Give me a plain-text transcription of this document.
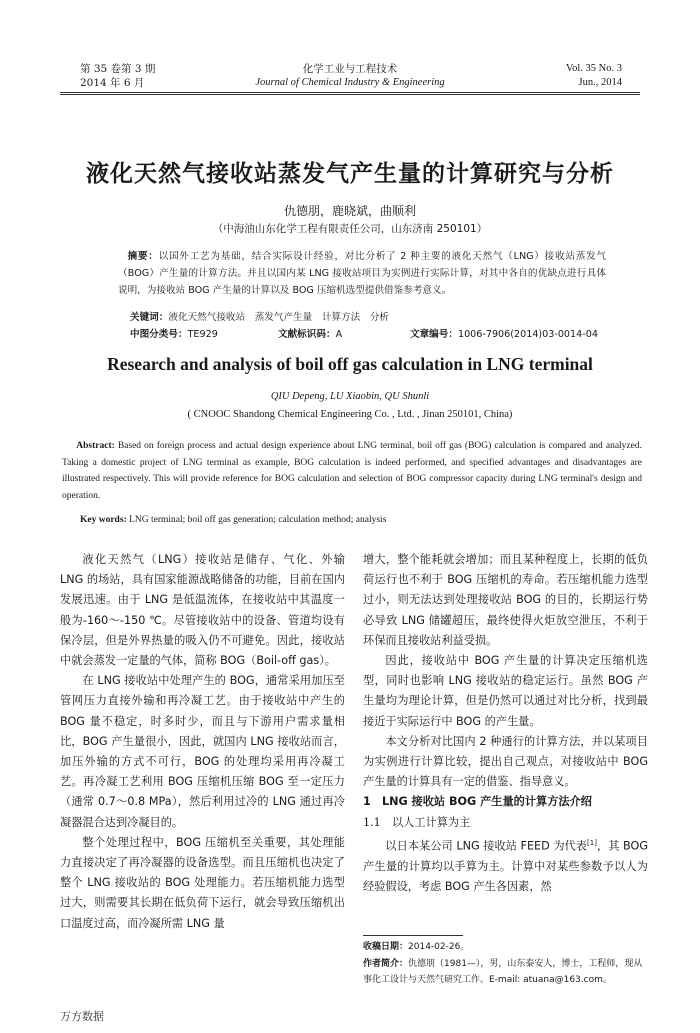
第 35 卷第 3 期
2014 年 6 月
化学工业与工程技术
Journal of Chemical Industry & Engineering
Vol. 35 No. 3
Jun., 2014
液化天然气接收站蒸发气产生量的计算研究与分析
仇德朋，鹿晓斌，曲顺利
（中海油山东化学工程有限责任公司，山东济南 250101）
摘要：以国外工艺为基础，结合实际设计经验，对比分析了 2 种主要的液化天然气（LNG）接收站蒸发气（BOG）产生量的计算方法。并且以国内某 LNG 接收站项目为实例进行实际计算，对其中各自的优缺点进行具体说明，为接收站 BOG 产生量的计算以及 BOG 压缩机选型提供借鉴参考意义。
关键词：液化天然气接收站　蒸发气产生量　计算方法　分析
中图分类号：TE929	文献标识码：A	文章编号：1006-7906(2014)03-0014-04
Research and analysis of boil off gas calculation in LNG terminal
QIU Depeng, LU Xiaobin, QU Shunli
( CNOOC Shandong Chemical Engineering Co. , Ltd. , Jinan 250101, China)
Abstract: Based on foreign process and actual design experience about LNG terminal, boil off gas (BOG) calculation is compared and analyzed. Taking a domestic project of LNG terminal as example, BOG calculation is indeed performed, and specified advantages and disadvantages are illustrated respectively. This will provide reference for BOG calculation and selection of BOG compressor capacity during LNG terminal's design and operation.
Key words: LNG terminal; boil off gas generation; calculation method; analysis

液化天然气（LNG）接收站是储存、气化、外输 LNG 的场站，具有国家能源战略储备的功能，目前在国内发展迅速。由于 LNG 是低温流体，在接收站中其温度一般为-160～-150 ℃。尽管接收站中的设备、管道均设有保冷层，但是外界热量的吸入仍不可避免。因此，接收站中就会蒸发一定量的气体，简称 BOG（Boil-off gas）。

在 LNG 接收站中处理产生的 BOG，通常采用加压至管网压力直接外输和再冷凝工艺。由于接收站中产生的 BOG 量不稳定，时多时少，而且与下游用户需求量相比，BOG 产生量很小，因此，就国内 LNG 接收站而言，加压外输的方式不可行，BOG 的处理均采用再冷凝工艺。再冷凝工艺利用 BOG 压缩机压缩 BOG 至一定压力（通常 0.7～0.8 MPa），然后利用过冷的 LNG 通过再冷凝器混合达到冷凝目的。

整个处理过程中，BOG 压缩机至关重要，其处理能力直接决定了再冷凝器的设备选型。而且压缩机也决定了整个 LNG 接收站的 BOG 处理能力。若压缩机能力选型过大，则需要其长期在低负荷下运行，就会导致压缩机出口温度过高，而冷凝所需 LNG 量

增大，整个能耗就会增加；而且某种程度上，长期的低负荷运行也不利于 BOG 压缩机的寿命。若压缩机能力选型过小，则无法达到处理接收站 BOG 的目的，长期运行势必导致 LNG 储罐超压，最终使得火炬放空泄压，不利于环保而且接收站利益受损。

因此，接收站中 BOG 产生量的计算决定压缩机选型，同时也影响 LNG 接收站的稳定运行。虽然 BOG 产生量均为理论计算，但是仍然可以通过对比分析，找到最接近于实际运行中 BOG 的产生量。

本文分析对比国内 2 种通行的计算方法，并以某项目为实例进行计算比较，提出自己观点，对接收站中 BOG 产生量的计算具有一定的借鉴、指导意义。

1　LNG 接收站 BOG 产生量的计算方法介绍

1.1　以人工计算为主

以日本某公司 LNG 接收站 FEED 为代表[1]，其 BOG 产生量的计算均以手算为主。计算中对某些参数予以人为经验假设，考虑 BOG 产生各因素，然

收稿日期：2014-02-26。
作者简介：仇德朋（1981—），男，山东泰安人，博士，工程师，现从事化工设计与天然气研究工作。E-mail: atuana@163.com。
万方数据
